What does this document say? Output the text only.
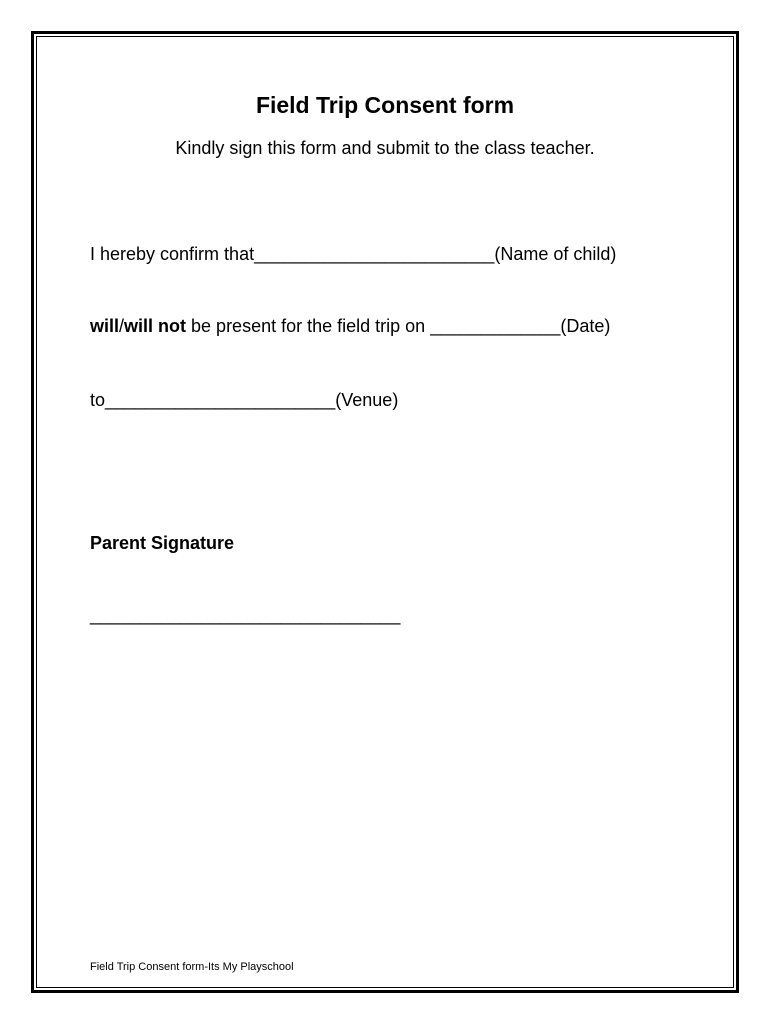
Field Trip Consent form
Kindly sign this form and submit to the class teacher.
I hereby confirm that________________________(Name of child)
will/will not be present for the field trip on _____________(Date)
to_______________________(Venue)
Parent Signature
_______________________________
Field Trip Consent form-Its My Playschool
